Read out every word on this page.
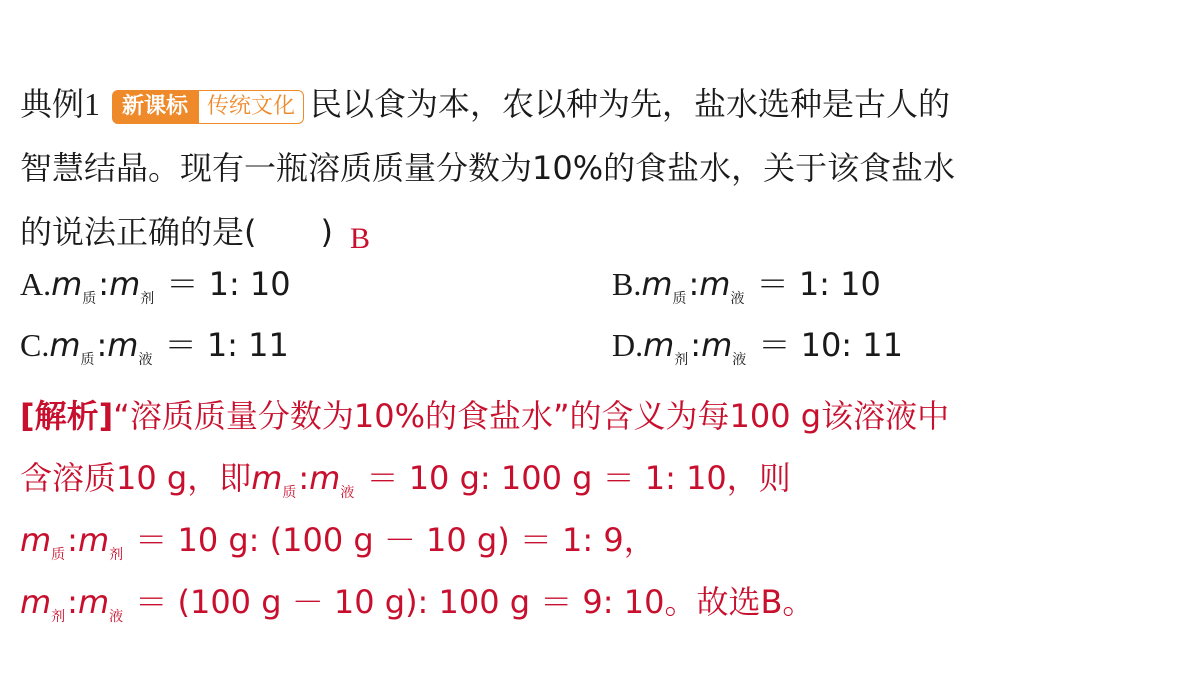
典例1 新课标 传统文化 民以食为本，农以种为先，盐水选种是古人的
智慧结晶。现有一瓶溶质质量分数为10%的食盐水，关于该食盐水
的说法正确的是(　　) B
$A.m_质:m_剂 = 1$: 10	$B.m_质:m_液 = 1$: 10
$C.m_质:m_液 = 1$: 11	$D.m_剂:m_液 = 10$: 11
[解析]“溶质质量分数为10%的食盐水”的含义为每100 g该溶液中
含溶质10 g，即$m_质:m_液 = 10$ g: 100 g ＝ 1: 10，则
$m_质:m_剂 = 10$ g: (100 g － 10 g) ＝ 1: 9，
$m_剂:m_液 = (100$ g － 10 g): 100 g ＝ 9: 10。故选B。
